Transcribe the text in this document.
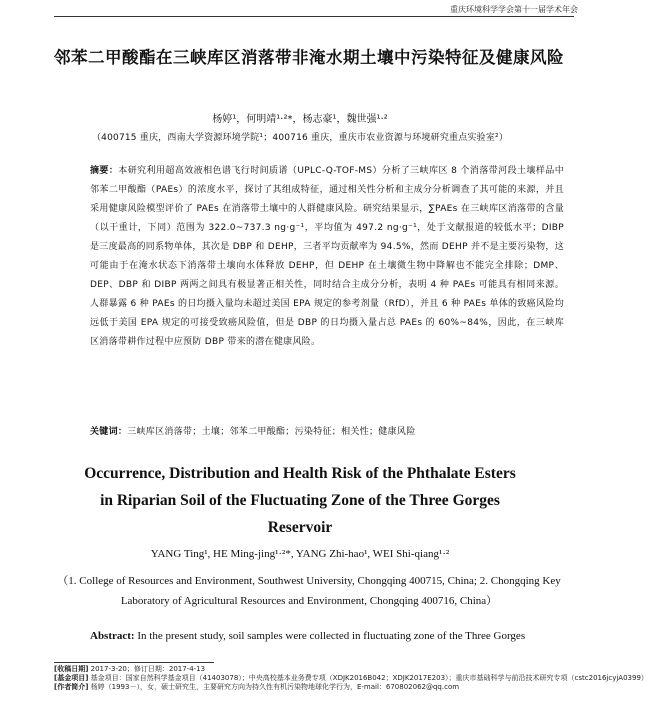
重庆环境科学学会第十一届学术年会
邻苯二甲酸酯在三峡库区消落带非淹水期土壤中污染特征及健康风险
杨婷¹，何明靖¹·²*，杨志豪¹，魏世强¹·²
（400715 重庆，西南大学资源环境学院¹；400716 重庆，重庆市农业资源与环境研究重点实验室²）
摘要：本研究利用超高效液相色谱飞行时间质谱（UPLC-Q-TOF-MS）分析了三峡库区 8 个消落带河段土壤样品中邻苯二甲酸酯（PAEs）的浓度水平，探讨了其组成特征，通过相关性分析和主成分分析调查了其可能的来源，并且采用健康风险模型评价了 PAEs 在消落带土壤中的人群健康风险。研究结果显示，∑PAEs 在三峡库区消落带的含量（以干重计，下同）范围为 322.0~737.3 ng·g⁻¹，平均值为 497.2 ng·g⁻¹，处于文献报道的较低水平；DIBP 是三度最高的同系物单体，其次是 DBP 和 DEHP，三者平均贡献率为 94.5%，然而 DEHP 并不是主要污染物，这可能由于在淹水状态下消落带土壤向水体释放 DEHP，但 DEHP 在土壤微生物中降解也不能完全排除；DMP、DEP、DBP 和 DIBP 两两之间具有极显著正相关性，同时结合主成分分析，表明 4 种 PAEs 可能具有相同来源。人群暴露 6 种 PAEs 的日均摄入量均未超过美国 EPA 规定的参考剂量（RfD），并且 6 种 PAEs 单体的致癌风险均远低于美国 EPA 规定的可接受致癌风险值，但是 DBP 的日均摄入量占总 PAEs 的 60%~84%，因此，在三峡库区消落带耕作过程中应预防 DBP 带来的潜在健康风险。
关键词：三峡库区消落带；土壤；邻苯二甲酸酯；污染特征；相关性；健康风险
Occurrence, Distribution and Health Risk of the Phthalate Esters in Riparian Soil of the Fluctuating Zone of the Three Gorges Reservoir
YANG Ting¹, HE Ming-jing¹·²*, YANG Zhi-hao¹, WEI Shi-qiang¹·²
（1. College of Resources and Environment, Southwest University, Chongqing 400715, China; 2. Chongqing Key Laboratory of Agricultural Resources and Environment, Chongqing 400716, China）
Abstract: In the present study, soil samples were collected in fluctuating zone of the Three Gorges
[收稿日期] 2017-3-20；修订日期：2017-4-13
[基金项目] 基金项目：国家自然科学基金项目（41403078）；中央高校基本业务费专项（XDJK2016B042；XDJK2017E203）；重庆市基础科学与前沿技术研究专项（cstc2016jcyjA0399）
[作者简介] 杨婷（1993－），女，硕士研究生，主要研究方向为持久性有机污染物地球化学行为，E-mail：670802062@qq.com
